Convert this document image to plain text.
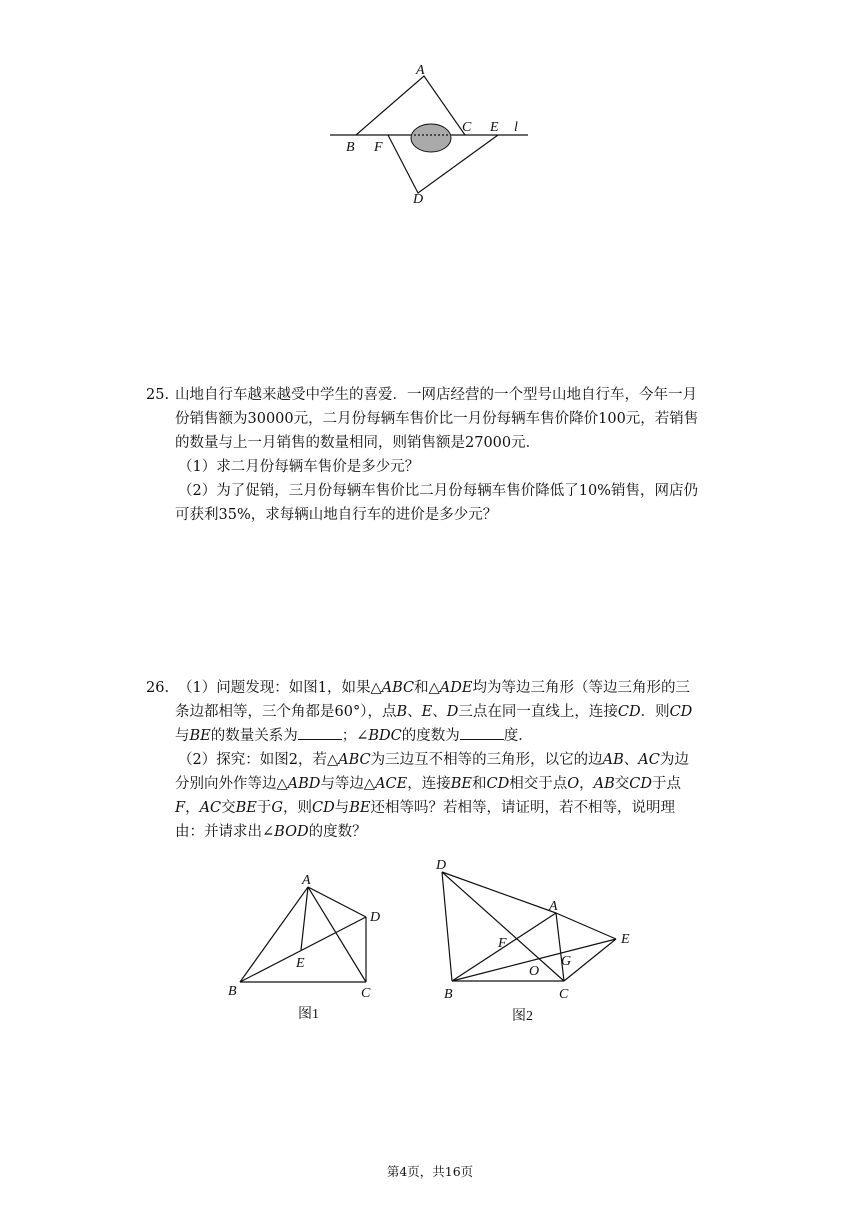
A
B F
C E l
D
25. 山地自行车越来越受中学生的喜爱．一网店经营的一个型号山地自行车，今年一月
份销售额为30000元，二月份每辆车售价比一月份每辆车售价降价100元，若销售
的数量与上一月销售的数量相同，则销售额是27000元．
（1）求二月份每辆车售价是多少元？
（2）为了促销，三月份每辆车售价比二月份每辆车售价降低了10%销售，网店仍
可获利35%，求每辆山地自行车的进价是多少元？
26. （1）问题发现：如图1，如果△ABC和△ADE均为等边三角形（等边三角形的三
条边都相等，三个角都是60°），点B、E、D三点在同一直线上，连接CD．则CD
与BE的数量关系为	；∠BDC的度数为	度．
（2）探究：如图2，若△ABC为三边互不相等的三角形，以它的边AB、AC为边
分别向外作等边△ABD与等边△ACE，连接BE和CD相交于点O，AB交CD于点
F，AC交BE于G，则CD与BE还相等吗？若相等，请证明，若不相等，说明理
由：并请求出∠BOD的度数？
A
B	C
D
E
图1
D
A
E
F
O
G
B	C
图2
第4页，共16页
